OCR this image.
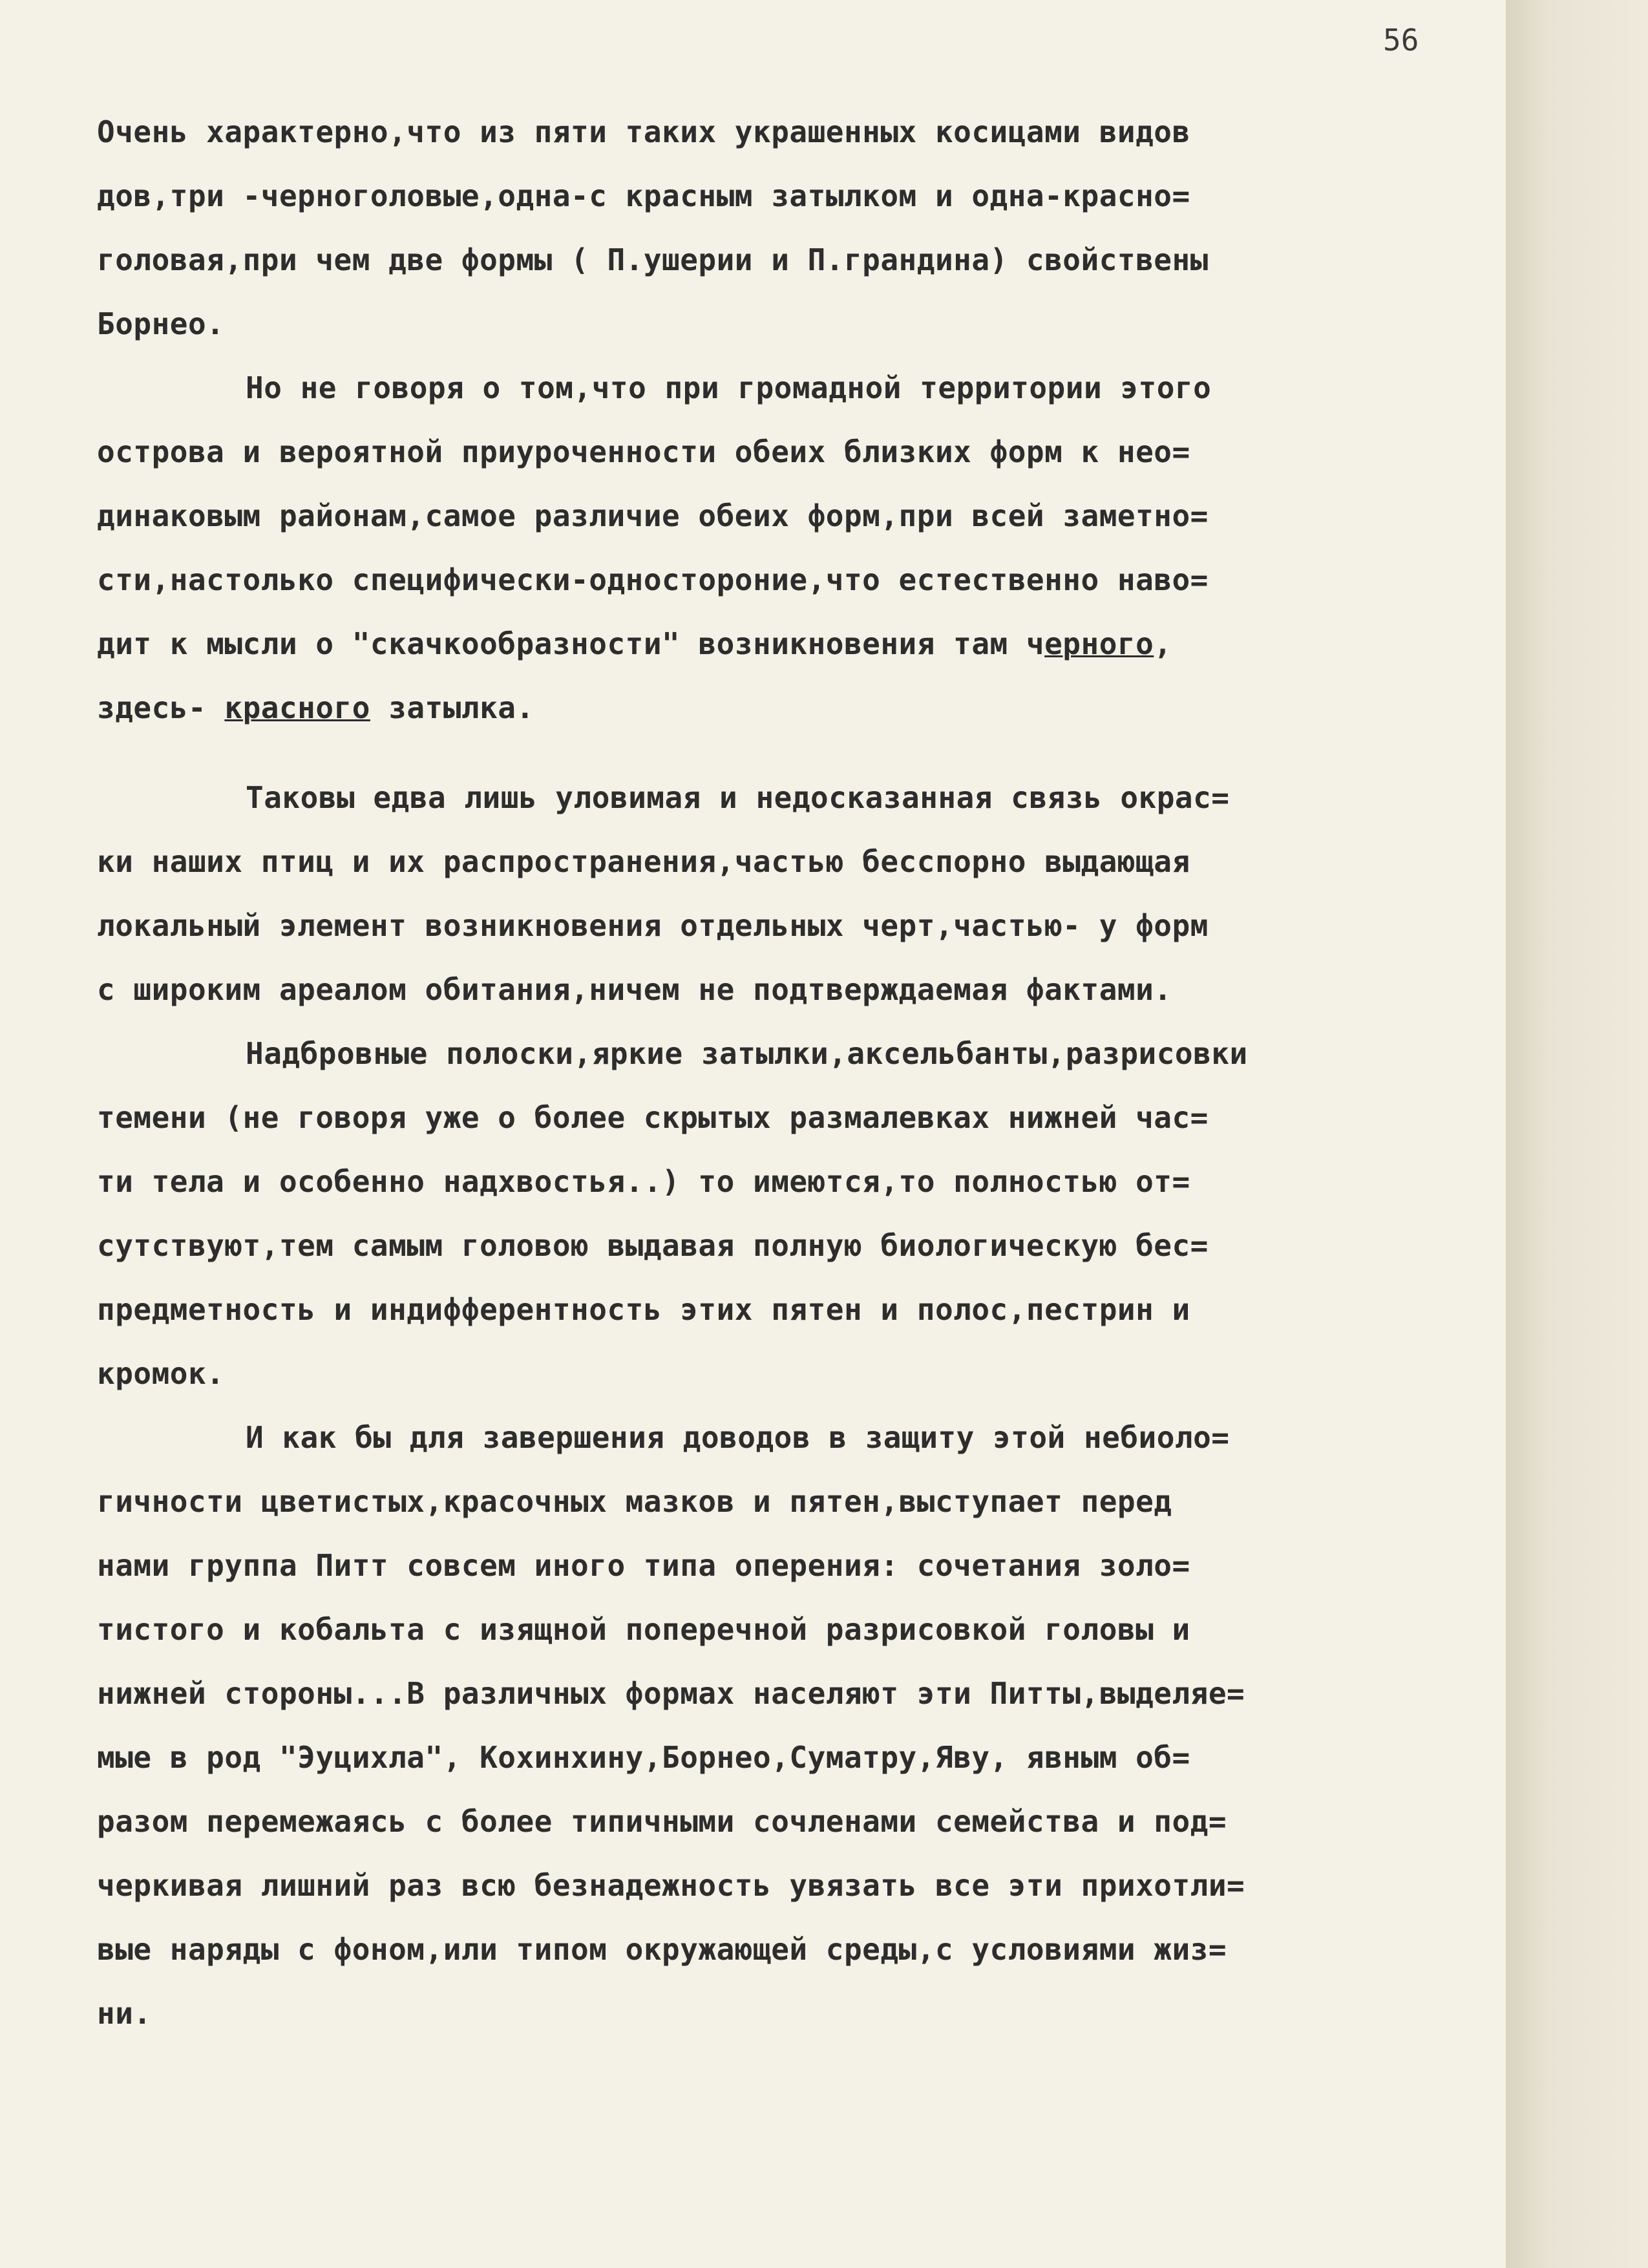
56
Очень характерно,что из пяти таких украшенных косицами видов
дов,три -черноголовые,одна-с красным затылком и одна-красно=
головая,при чем две формы ( П.ушерии и П.грандина) свойствены
Борнео.
Но не говоря о том,что при громадной территории этого
острова и вероятной приуроченности обеих близких форм к нео=
динаковым районам,самое различие обеих форм,при всей заметно=
сти,настолько специфически-одностороние,что естественно наво=
дит к мысли о "скачкообразности" возникновения там черного,
здесь- красного затылка.
Таковы едва лишь уловимая и недосказанная связь окрас=
ки наших птиц и их распространения,частью бесспорно выдающая
локальный элемент возникновения отдельных черт,частью- у форм
с широким ареалом обитания,ничем не подтверждаемая фактами.
Надбровные полоски,яркие затылки,аксельбанты,разрисовки
темени (не говоря уже о более скрытых размалевках нижней час=
ти тела и особенно надхвостья..) то имеются,то полностью от=
сутствуют,тем самым головою выдавая полную биологическую бес=
предметность и индифферентность этих пятен и полос,пестрин и
кромок.
И как бы для завершения доводов в защиту этой небиоло=
гичности цветистых,красочных мазков и пятен,выступает перед
нами группа Питт совсем иного типа оперения: сочетания золо=
тистого и кобальта с изящной поперечной разрисовкой головы и
нижней стороны...В различных формах населяют эти Питты,выделяе=
мые в род "Эуцихла", Кохинхину,Борнео,Суматру,Яву, явным об=
разом перемежаясь с более типичными сочленами семейства и под=
черкивая лишний раз всю безнадежность увязать все эти прихотли=
вые наряды с фоном,или типом окружающей среды,с условиями жиз=
ни.
